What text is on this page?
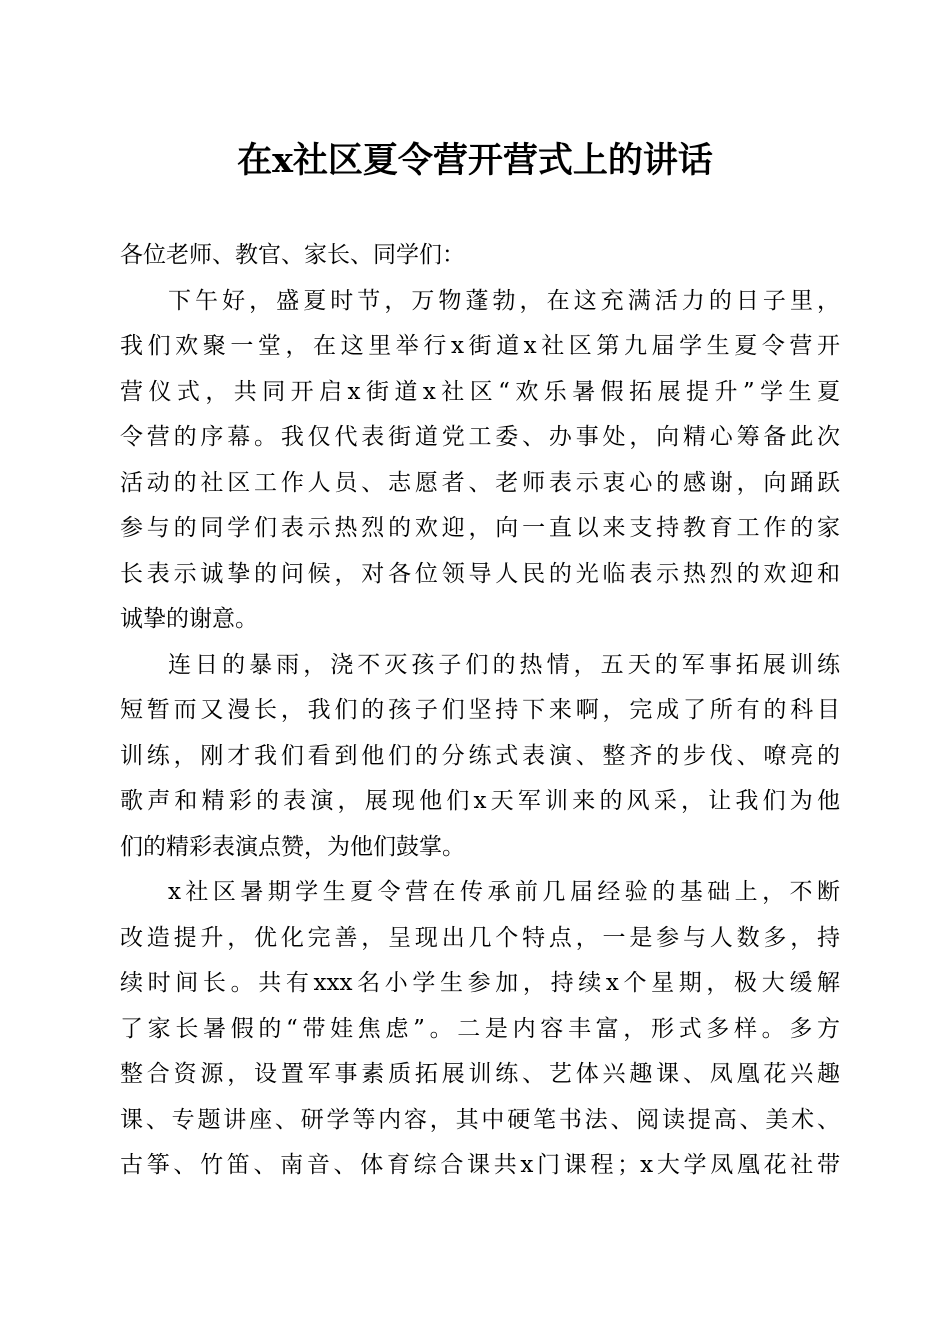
在x社区夏令营开营式上的讲话
各位老师、教官、家长、同学们：
下午好，盛夏时节，万物蓬勃，在这充满活力的日子里，
我们欢聚一堂，在这里举行x街道x社区第九届学生夏令营开
营仪式，共同开启x街道x社区“欢乐暑假拓展提升”学生夏
令营的序幕。我仅代表街道党工委、办事处，向精心筹备此次
活动的社区工作人员、志愿者、老师表示衷心的感谢，向踊跃
参与的同学们表示热烈的欢迎，向一直以来支持教育工作的家
长表示诚挚的问候，对各位领导人民的光临表示热烈的欢迎和
诚挚的谢意。
连日的暴雨，浇不灭孩子们的热情，五天的军事拓展训练
短暂而又漫长，我们的孩子们坚持下来啊，完成了所有的科目
训练，刚才我们看到他们的分练式表演、整齐的步伐、嘹亮的
歌声和精彩的表演，展现他们x天军训来的风采，让我们为他
们的精彩表演点赞，为他们鼓掌。
x社区暑期学生夏令营在传承前几届经验的基础上，不断
改造提升，优化完善，呈现出几个特点，一是参与人数多，持
续时间长。共有xxx名小学生参加，持续x个星期，极大缓解
了家长暑假的“带娃焦虑”。二是内容丰富，形式多样。多方
整合资源，设置军事素质拓展训练、艺体兴趣课、凤凰花兴趣
课、专题讲座、研学等内容，其中硬笔书法、阅读提高、美术、
古筝、竹笛、南音、体育综合课共x门课程；x大学凤凰花社带
